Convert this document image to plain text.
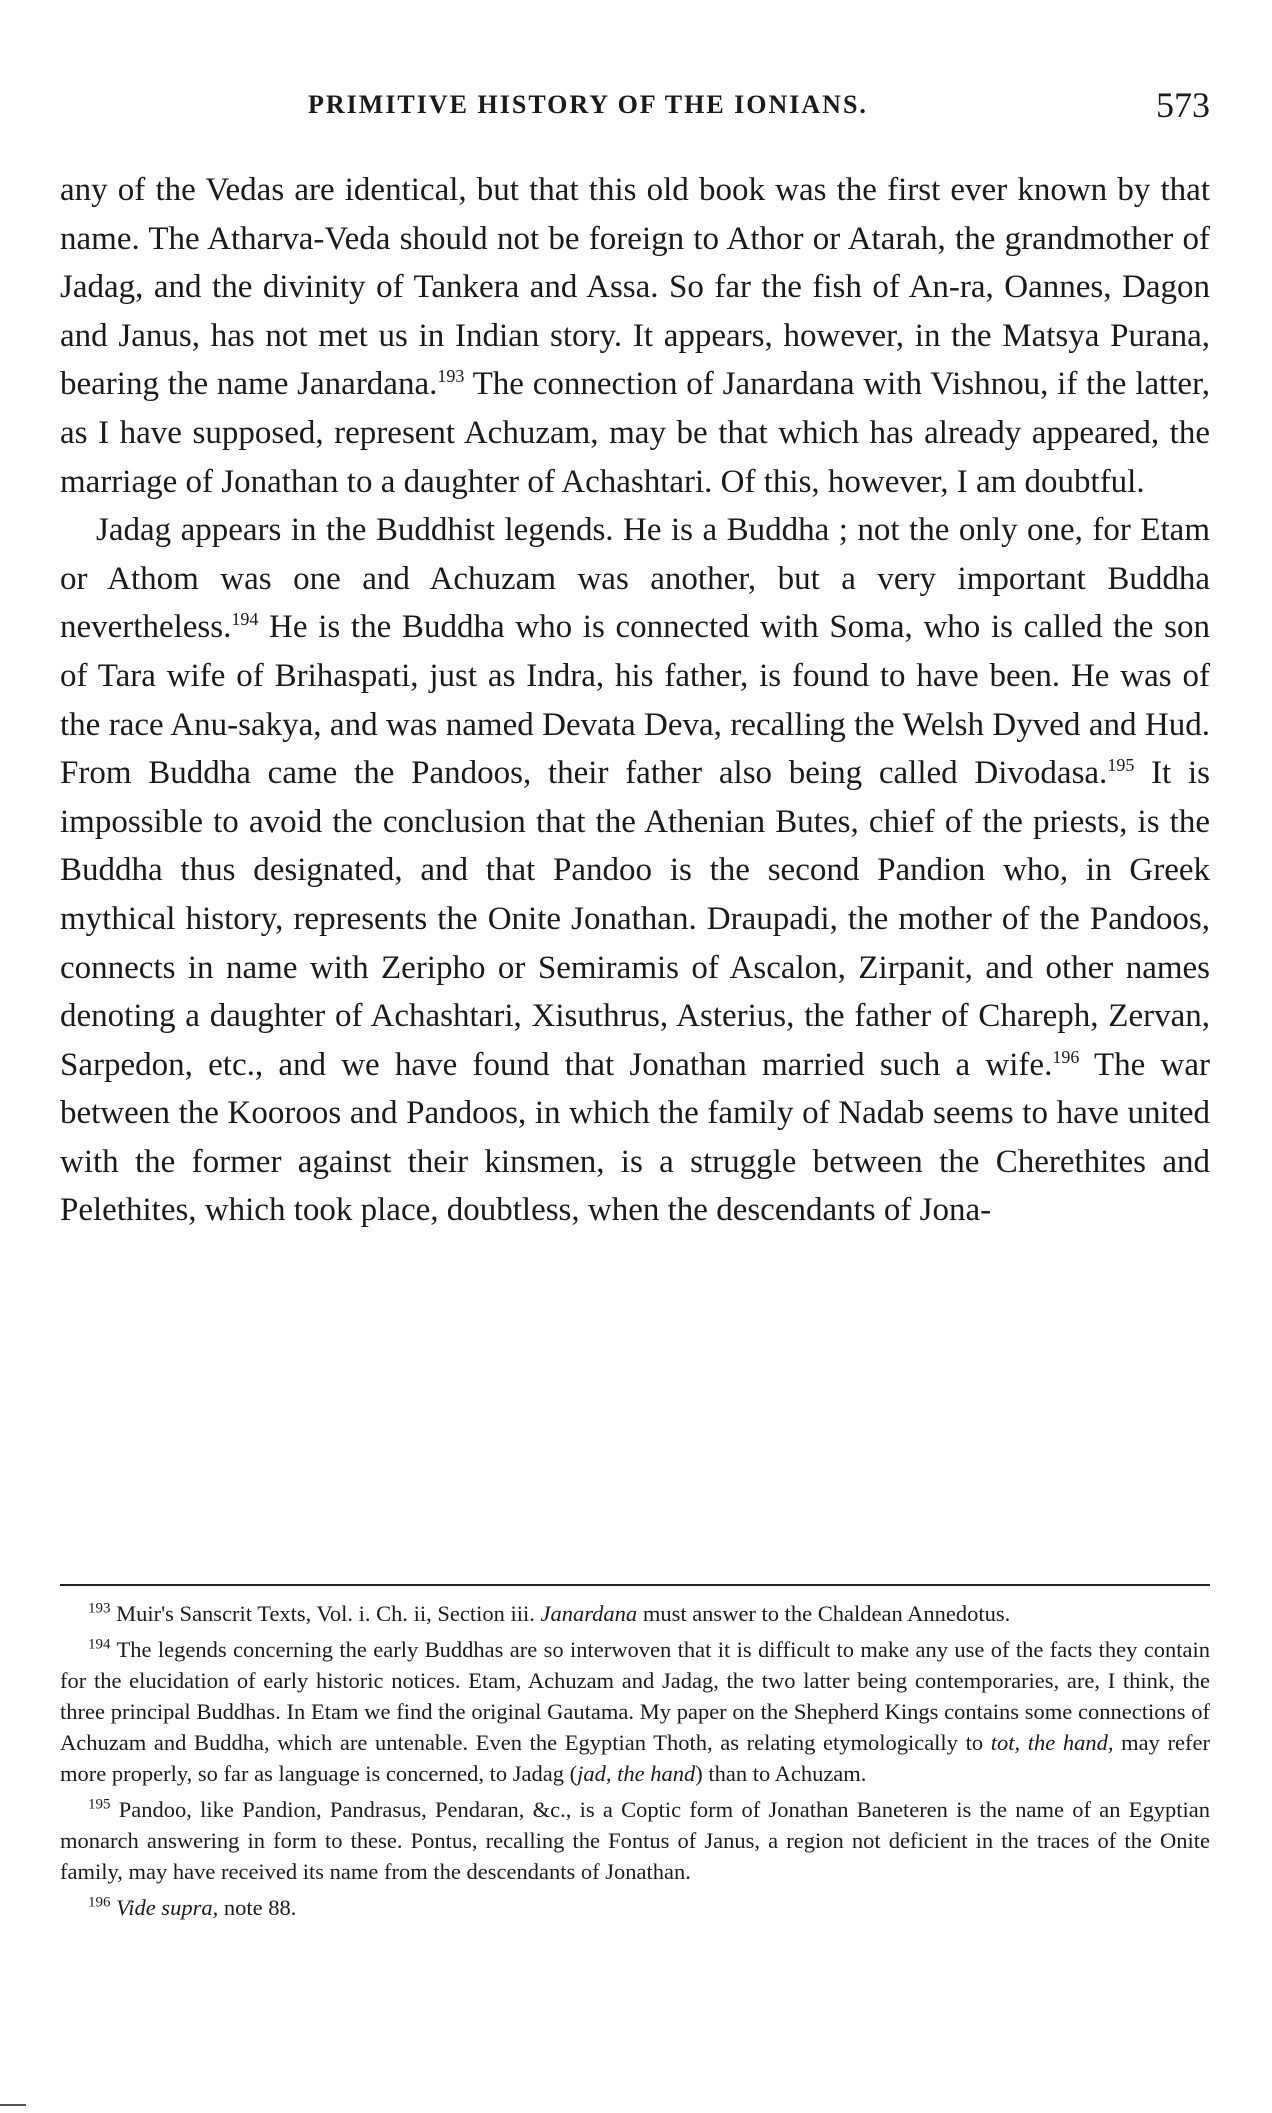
PRIMITIVE HISTORY OF THE IONIANS.	573

any of the Vedas are identical, but that this old book was the first ever known by that name. The Atharva-Veda should not be foreign to Athor or Atarah, the grandmother of Jadag, and the divinity of Tankera and Assa. So far the fish of An-ra, Oannes, Dagon and Janus, has not met us in Indian story. It appears, however, in the Matsya Purana, bearing the name Janardana.$^{193}$ The connection of Janardana with Vishnou, if the latter, as I have supposed, represent Achuzam, may be that which has already appeared, the marriage of Jonathan to a daughter of Achashtari. Of this, however, I am doubtful.

Jadag appears in the Buddhist legends. He is a Buddha ; not the only one, for Etam or Athom was one and Achuzam was another, but a very important Buddha nevertheless.$^{194}$ He is the Buddha who is connected with Soma, who is called the son of Tara wife of Brihaspati, just as Indra, his father, is found to have been. He was of the race Anu-sakya, and was named Devata Deva, recalling the Welsh Dyved and Hud. From Buddha came the Pandoos, their father also being called Divodasa.$^{195}$ It is impossible to avoid the conclusion that the Athenian Butes, chief of the priests, is the Buddha thus designated, and that Pandoo is the second Pandion who, in Greek mythical history, represents the Onite Jonathan. Draupadi, the mother of the Pandoos, connects in name with Zeripho or Semiramis of Ascalon, Zirpanit, and other names denoting a daughter of Achashtari, Xisuthrus, Asterius, the father of Chareph, Zervan, Sarpedon, etc., and we have found that Jonathan married such a wife.$^{196}$ The war between the Kooroos and Pandoos, in which the family of Nadab seems to have united with the former against their kinsmen, is a struggle between the Cherethites and Pelethites, which took place, doubtless, when the descendants of Jona-

$^{193}$ Muir's Sanscrit Texts, Vol. i. Ch. ii, Section iii. Janardana must answer to the Chaldean Annedotus.

$^{194}$ The legends concerning the early Buddhas are so interwoven that it is difficult to make any use of the facts they contain for the elucidation of early historic notices. Etam, Achuzam and Jadag, the two latter being contemporaries, are, I think, the three principal Buddhas. In Etam we find the original Gautama. My paper on the Shepherd Kings contains some connections of Achuzam and Buddha, which are untenable. Even the Egyptian Thoth, as relating etymologically to tot, the hand, may refer more properly, so far as language is concerned, to Jadag (jad, the hand) than to Achuzam.

$^{195}$ Pandoo, like Pandion, Pandrasus, Pendaran, &c., is a Coptic form of Jonathan Baneteren is the name of an Egyptian monarch answering in form to these. Pontus, recalling the Fontus of Janus, a region not deficient in the traces of the Onite family, may have received its name from the descendants of Jonathan.

$^{196}$ Vide supra, note 88.
